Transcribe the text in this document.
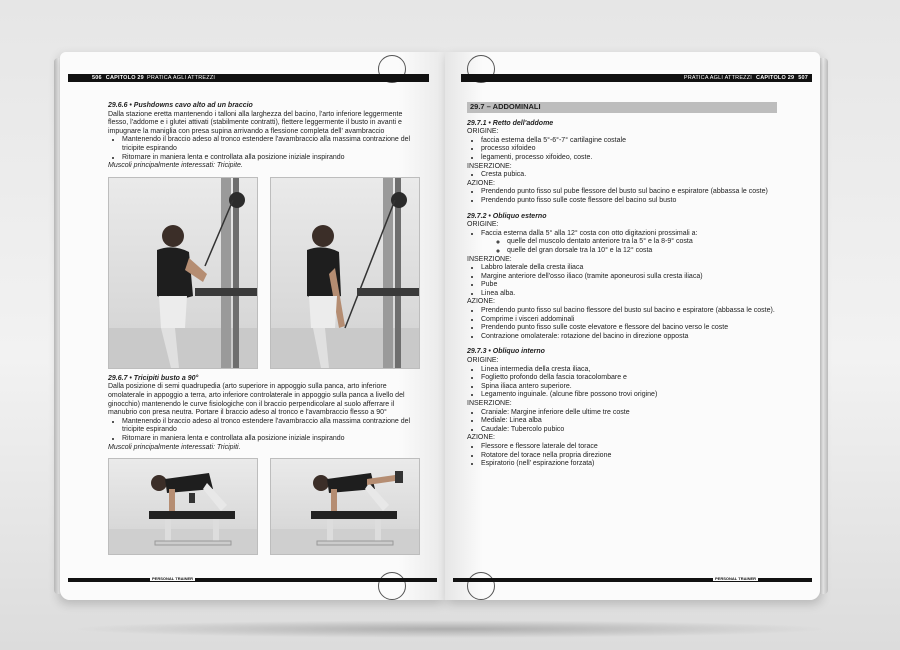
506 CAPITOLO 29 PRATICA AGLI ATTREZZI

29.6.6 • Pushdowns cavo alto ad un braccio

Dalla stazione eretta mantenendo i talloni alla larghezza del bacino, l'arto inferiore leggermente flesso, l'addome e i glutei attivati (stabilmente contratti), flettere leggermente il busto in avanti e impugnare la maniglia con presa supina arrivando a flessione completa dell' avambraccio

• Mantenendo il braccio adeso al tronco estendere l'avambraccio alla massima contrazione del tricipite espirando
• Ritornare in maniera lenta e controllata alla posizione iniziale inspirando

Muscoli principalmente interessati: Tricipite.

29.6.7 • Tricipiti busto a 90°

Dalla posizione di semi quadrupedia (arto superiore in appoggio sulla panca, arto inferiore omolaterale in appoggio a terra, arto inferiore controlaterale in appoggio sulla panca a livello del ginocchio) mantenendo le curve fisiologiche con il braccio perpendicolare al suolo afferrare il manubrio con presa neutra. Portare il braccio adeso al tronco e l'avambraccio flesso a 90°

• Mantenendo il braccio adeso al tronco estendere l'avambraccio alla massima contrazione del tricipite espirando
• Ritornare in maniera lenta e controllata alla posizione iniziale inspirando

Muscoli principalmente interessati: Tricipiti.

PERSONAL TRAINER
PRATICA AGLI ATTREZZI CAPITOLO 29 507
29.7 – ADDOMINALI

29.7.1 • Retto dell'addome

ORIGINE:

• faccia esterna della 5°-6°-7° cartilagine costale
• processo xifoideo
• legamenti, processo xifoideo, coste.

INSERZIONE:

• Cresta pubica.

AZIONE:

• Prendendo punto fisso sul pube flessore del busto sul bacino e espiratore (abbassa le coste)
• Prendendo punto fisso sulle coste flessore del bacino sul busto

29.7.2 • Obliquo esterno

ORIGINE:

• Faccia esterna dalla 5° alla 12° costa con otto digitazioni prossimali a:
◦ quelle del muscolo dentato anteriore tra la 5° e la 8-9° costa
◦ quelle del gran dorsale tra la 10° e la 12° costa

INSERZIONE:

• Labbro laterale della cresta iliaca
• Margine anteriore dell'osso iliaco (tramite aponeurosi sulla cresta iliaca)
• Pube
• Linea alba.

AZIONE:

• Prendendo punto fisso sul bacino flessore del busto sul bacino e espiratore (abbassa le coste).
• Comprime i visceri addominali
• Prendendo punto fisso sulle coste elevatore e flessore del bacino verso le coste
• Contrazione omolaterale: rotazione del bacino in direzione opposta

29.7.3 • Obliquo interno

ORIGINE:

• Linea intermedia della cresta iliaca,
• Foglietto profondo della fascia toracolombare e
• Spina iliaca antero superiore.
• Legamento inguinale. (alcune fibre possono trovi origine)

INSERZIONE:

• Craniale: Margine inferiore delle ultime tre coste
• Mediale: Linea alba
• Caudale: Tubercolo pubico

AZIONE:

• Flessore e flessore laterale del torace
• Rotatore del torace nella propria direzione
• Espiratorio (nell' espirazione forzata)
PERSONAL TRAINER
